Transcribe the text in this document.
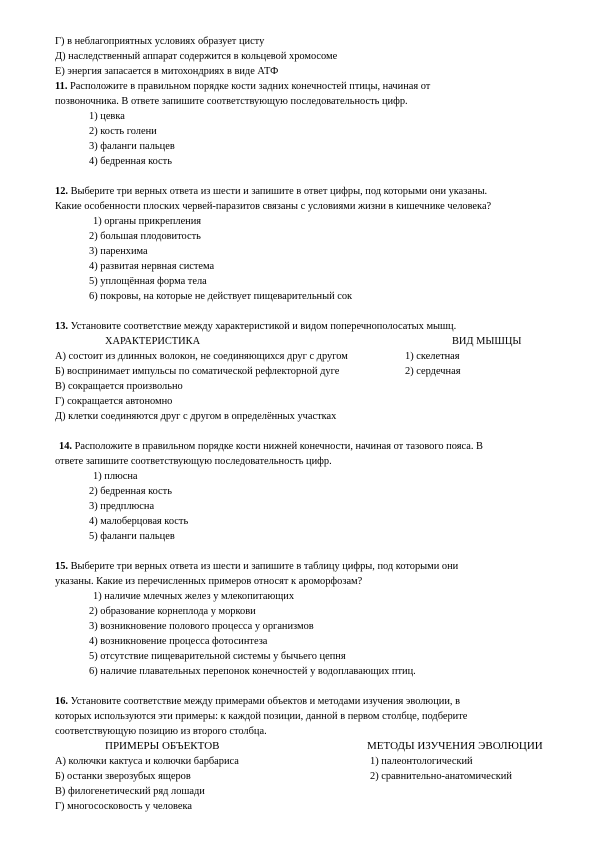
Г) в неблагоприятных условиях образует цисту
Д) наследственный аппарат содержится в кольцевой хромосоме
Е) энергия запасается в митохондриях в виде АТФ
11. Расположите в правильном порядке кости задних конечностей птицы, начиная от
позвоночника. В ответе запишите соответствующую последовательность цифр.
1) цевка
2) кость голени
3) фаланги пальцев
4) бедренная кость
12. Выберите три верных ответа из шести и запишите в ответ цифры, под которыми они указаны.
Какие особенности плоских червей-паразитов связаны с условиями жизни в кишечнике человека?
1) органы прикрепления
2) большая плодовитость
3) паренхима
4) развитая нервная система
5) уплощённая форма тела
6) покровы, на которые не действует пищеварительный сок
13. Установите соответствие между характеристикой и видом поперечнополосатых мышц.
ХАРАКТЕРИСТИКА	ВИД МЫШЦЫ
А) состоит из длинных волокон, не соединяющихся друг с другом	1) скелетная
Б) воспринимает импульсы по соматической рефлекторной дуге	2) сердечная
В) сокращается произвольно
Г) сокращается автономно
Д) клетки соединяются друг с другом в определённых участках
14. Расположите в правильном порядке кости нижней конечности, начиная от тазового пояса. В
ответе запишите соответствующую последовательность цифр.
1) плюсна
2) бедренная кость
3) предплюсна
4) малоберцовая кость
5) фаланги пальцев
15. Выберите три верных ответа из шести и запишите в таблицу цифры, под которыми они
указаны. Какие из перечисленных примеров относят к ароморфозам?
1) наличие млечных желез у млекопитающих
2) образование корнеплода у моркови
3) возникновение полового процесса у организмов
4) возникновение процесса фотосинтеза
5) отсутствие пищеварительной системы у бычьего цепня
6) наличие плавательных перепонок конечностей у водоплавающих птиц.
16. Установите соответствие между примерами объектов и методами изучения эволюции, в
которых используются эти примеры: к каждой позиции, данной в первом столбце, подберите
соответствующую позицию из второго столбца.
ПРИМЕРЫ ОБЪЕКТОВ	МЕТОДЫ ИЗУЧЕНИЯ ЭВОЛЮЦИИ
А) колючки кактуса и колючки барбариса	1) палеонтологический
Б) останки зверозубых ящеров	2) сравнительно-анатомический
В) филогенетический ряд лошади
Г) многососковость у человека
